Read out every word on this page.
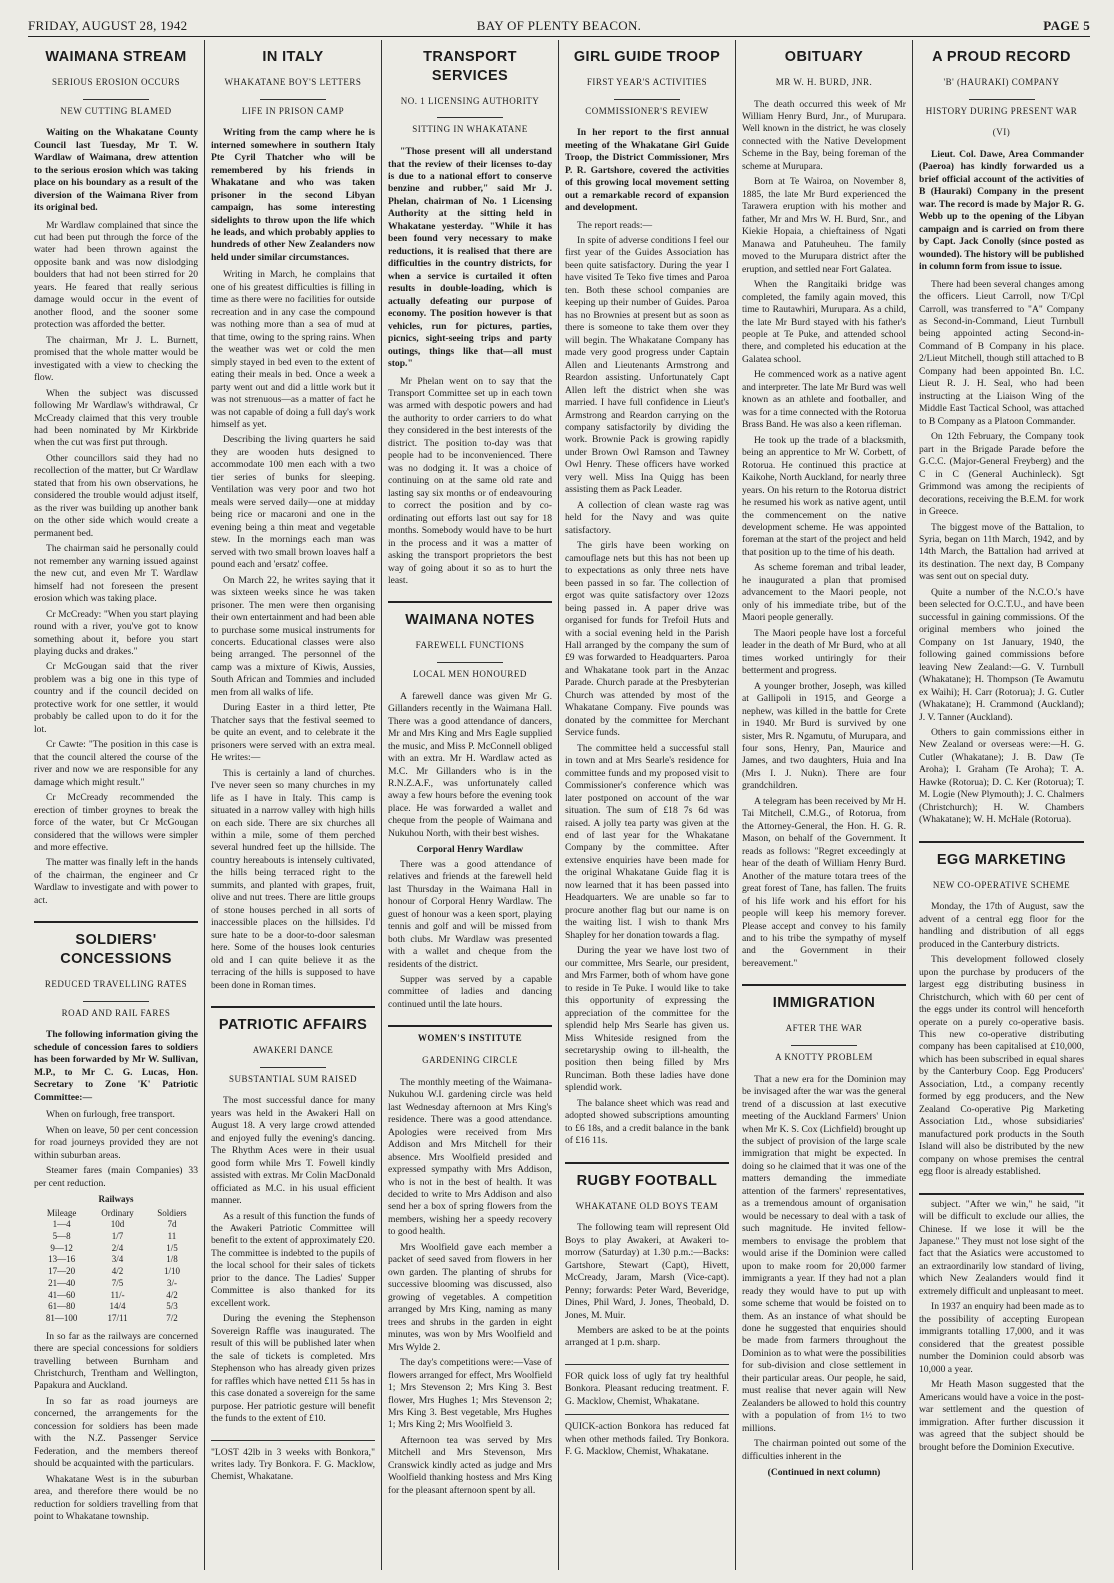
FRIDAY, AUGUST 28, 1942	BAY OF PLENTY BEACON.	PAGE 5
WAIMANA STREAM
SERIOUS EROSION OCCURS
NEW CUTTING BLAMED

Waiting on the Whakatane County Council last Tuesday, Mr T. W. Wardlaw of Waimana, drew attention to the serious erosion which was taking place on his boundary as a result of the diversion of the Waimana River from its original bed.

Mr Wardlaw complained that since the cut had been put through the force of the water had been thrown against the opposite bank and was now dislodging boulders that had not been stirred for 20 years. He feared that really serious damage would occur in the event of another flood, and the sooner some protection was afforded the better.

The chairman, Mr J. L. Burnett, promised that the whole matter would be investigated with a view to checking the flow.

When the subject was discussed following Mr Wardlaw's withdrawal, Cr McCready claimed that this very trouble had been nominated by Mr Kirkbride when the cut was first put through.

Other councillors said they had no recollection of the matter, but Cr Wardlaw stated that from his own observations, he considered the trouble would adjust itself, as the river was building up another bank on the other side which would create a permanent bed.

The chairman said he personally could not remember any warning issued against the new cut, and even Mr T. Wardlaw himself had not foreseen the present erosion which was taking place.

Cr McCready: "When you start playing round with a river, you've got to know something about it, before you start playing ducks and drakes."

Cr McGougan said that the river problem was a big one in this type of country and if the council decided on protective work for one settler, it would probably be called upon to do it for the lot.

Cr Cawte: "The position in this case is that the council altered the course of the river and now we are responsible for any damage which might result."

Cr McCready recommended the erection of timber groynes to break the force of the water, but Cr McGougan considered that the willows were simpler and more effective.

The matter was finally left in the hands of the chairman, the engineer and Cr Wardlaw to investigate and with power to act.

SOLDIERS' CONCESSIONS
REDUCED TRAVELLING RATES
ROAD AND RAIL FARES

The following information giving the schedule of concession fares to soldiers has been forwarded by Mr W. Sullivan, M.P., to Mr C. G. Lucas, Hon. Secretary to Zone 'K' Patriotic Committee:—

When on furlough, free transport.

When on leave, 50 per cent concession for road journeys provided they are not within suburban areas.

Steamer fares (main Companies) 33 per cent reduction.

Railways
Mileage	Ordinary	Soldiers
1—4	10d	7d
5—8	1/7	11
9—12	2/4	1/5
13—16	3/4	1/8
17—20	4/2	1/10
21—40	7/5	3/-
41—60	11/-	4/2
61—80	14/4	5/3
81—100	17/11	7/2

In so far as the railways are concerned there are special concessions for soldiers travelling between Burnham and Christchurch, Trentham and Wellington, Papakura and Auckland.

In so far as road journeys are concerned, the arrangements for the concession for soldiers has been made with the N.Z. Passenger Service Federation, and the members thereof should be acquainted with the particulars.

Whakatane West is in the suburban area, and therefore there would be no reduction for soldiers travelling from that point to Whakatane township.

IN ITALY
WHAKATANE BOY'S LETTERS
LIFE IN PRISON CAMP

Writing from the camp where he is interned somewhere in southern Italy Pte Cyril Thatcher who will be remembered by his friends in Whakatane and who was taken prisoner in the second Libyan campaign, has some interesting sidelights to throw upon the life which he leads, and which probably applies to hundreds of other New Zealanders now held under similar circumstances.

Writing in March, he complains that one of his greatest difficulties is filling in time as there were no facilities for outside recreation and in any case the compound was nothing more than a sea of mud at that time, owing to the spring rains. When the weather was wet or cold the men simply stayed in bed even to the extent of eating their meals in bed. Once a week a party went out and did a little work but it was not strenuous—as a matter of fact he was not capable of doing a full day's work himself as yet.

Describing the living quarters he said they are wooden huts designed to accommodate 100 men each with a two tier series of bunks for sleeping. Ventilation was very poor and two hot meals were served daily—one at midday being rice or macaroni and one in the evening being a thin meat and vegetable stew. In the mornings each man was served with two small brown loaves half a pound each and 'ersatz' coffee.

On March 22, he writes saying that it was sixteen weeks since he was taken prisoner. The men were then organising their own entertainment and had been able to purchase some musical instruments for concerts. Educational classes were also being arranged. The personnel of the camp was a mixture of Kiwis, Aussies, South African and Tommies and included men from all walks of life.

During Easter in a third letter, Pte Thatcher says that the festival seemed to be quite an event, and to celebrate it the prisoners were served with an extra meal. He writes:—

This is certainly a land of churches. I've never seen so many churches in my life as I have in Italy. This camp is situated in a narrow valley with high hills on each side. There are six churches all within a mile, some of them perched several hundred feet up the hillside. The country hereabouts is intensely cultivated, the hills being terraced right to the summits, and planted with grapes, fruit, olive and nut trees. There are little groups of stone houses perched in all sorts of inaccessible places on the hillsides. I'd sure hate to be a door-to-door salesman here. Some of the houses look centuries old and I can quite believe it as the terracing of the hills is supposed to have been done in Roman times.

PATRIOTIC AFFAIRS
AWAKERI DANCE
SUBSTANTIAL SUM RAISED

The most successful dance for many years was held in the Awakeri Hall on August 18. A very large crowd attended and enjoyed fully the evening's dancing. The Rhythm Aces were in their usual good form while Mrs T. Fowell kindly assisted with extras. Mr Colin MacDonald officiated as M.C. in his usual efficient manner.

As a result of this function the funds of the Awakeri Patriotic Committee will benefit to the extent of approximately £20. The committee is indebted to the pupils of the local school for their sales of tickets prior to the dance. The Ladies' Supper Committee is also thanked for its excellent work.

During the evening the Stephenson Sovereign Raffle was inaugurated. The result of this will be published later when the sale of tickets is completed. Mrs Stephenson who has already given prizes for raffles which have netted £11 5s has in this case donated a sovereign for the same purpose. Her patriotic gesture will benefit the funds to the extent of £10.

"LOST 42lb in 3 weeks with Bonkora," writes lady. Try Bonkora. F. G. Macklow, Chemist, Whakatane.
TRANSPORT SERVICES
NO. 1 LICENSING AUTHORITY
SITTING IN WHAKATANE

"Those present will all understand that the review of their licenses to-day is due to a national effort to conserve benzine and rubber," said Mr J. Phelan, chairman of No. 1 Licensing Authority at the sitting held in Whakatane yesterday. "While it has been found very necessary to make reductions, it is realised that there are difficulties in the country districts, for when a service is curtailed it often results in double-loading, which is actually defeating our purpose of economy. The position however is that vehicles, run for pictures, parties, picnics, sight-seeing trips and party outings, things like that—all must stop."

Mr Phelan went on to say that the Transport Committee set up in each town was armed with despotic powers and had the authority to order carriers to do what they considered in the best interests of the district. The position to-day was that people had to be inconvenienced. There was no dodging it. It was a choice of continuing on at the same old rate and lasting say six months or of endeavouring to correct the position and by co-ordinating out efforts last out say for 18 months. Somebody would have to be hurt in the process and it was a matter of asking the transport proprietors the best way of going about it so as to hurt the least.

WAIMANA NOTES
FAREWELL FUNCTIONS
LOCAL MEN HONOURED

A farewell dance was given Mr G. Gillanders recently in the Waimana Hall. There was a good attendance of dancers, Mr and Mrs King and Mrs Eagle supplied the music, and Miss P. McConnell obliged with an extra. Mr H. Wardlaw acted as M.C. Mr Gillanders who is in the R.N.Z.A.F., was unfortunately called away a few hours before the evening took place. He was forwarded a wallet and cheque from the people of Waimana and Nukuhou North, with their best wishes.

Corporal Henry Wardlaw

There was a good attendance of relatives and friends at the farewell held last Thursday in the Waimana Hall in honour of Corporal Henry Wardlaw. The guest of honour was a keen sport, playing tennis and golf and will be missed from both clubs. Mr Wardlaw was presented with a wallet and cheque from the residents of the district.

Supper was served by a capable committee of ladies and dancing continued until the late hours.

WOMEN'S INSTITUTE
GARDENING CIRCLE

The monthly meeting of the Waimana-Nukuhou W.I. gardening circle was held last Wednesday afternoon at Mrs King's residence. There was a good attendance. Apologies were received from Mrs Addison and Mrs Mitchell for their absence. Mrs Woolfield presided and expressed sympathy with Mrs Addison, who is not in the best of health. It was decided to write to Mrs Addison and also send her a box of spring flowers from the members, wishing her a speedy recovery to good health.

Mrs Woolfield gave each member a packet of seed saved from flowers in her own garden. The planting of shrubs for successive blooming was discussed, also growing of vegetables. A competition arranged by Mrs King, naming as many trees and shrubs in the garden in eight minutes, was won by Mrs Woolfield and Mrs Wylde 2.

The day's competitions were:—Vase of flowers arranged for effect, Mrs Woolfield 1; Mrs Stevenson 2; Mrs King 3. Best flower, Mrs Hughes 1; Mrs Stevenson 2; Mrs King 3. Best vegetable, Mrs Hughes 1; Mrs King 2; Mrs Woolfield 3.

Afternoon tea was served by Mrs Mitchell and Mrs Stevenson, Mrs Cranswick kindly acted as judge and Mrs Woolfield thanking hostess and Mrs King for the pleasant afternoon spent by all.

GIRL GUIDE TROOP
FIRST YEAR'S ACTIVITIES
COMMISSIONER'S REVIEW

In her report to the first annual meeting of the Whakatane Girl Guide Troop, the District Commissioner, Mrs P. R. Gartshore, covered the activities of this growing local movement setting out a remarkable record of expansion and development.

The report reads:—

In spite of adverse conditions I feel our first year of the Guides Association has been quite satisfactory. During the year I have visited Te Teko five times and Paroa ten. Both these school companies are keeping up their number of Guides. Paroa has no Brownies at present but as soon as there is someone to take them over they will begin. The Whakatane Company has made very good progress under Captain Allen and Lieutenants Armstrong and Reardon assisting. Unfortunately Capt Allen left the district when she was married. I have full confidence in Lieut's Armstrong and Reardon carrying on the company satisfactorily by dividing the work. Brownie Pack is growing rapidly under Brown Owl Ramson and Tawney Owl Henry. These officers have worked very well. Miss Ina Quigg has been assisting them as Pack Leader.

A collection of clean waste rag was held for the Navy and was quite satisfactory.

The girls have been working on camouflage nets but this has not been up to expectations as only three nets have been passed in so far. The collection of ergot was quite satisfactory over 12ozs being passed in. A paper drive was organised for funds for Trefoil Huts and with a social evening held in the Parish Hall arranged by the company the sum of £9 was forwarded to Headquarters. Paroa and Whakatane took part in the Anzac Parade. Church parade at the Presbyterian Church was attended by most of the Whakatane Company. Five pounds was donated by the committee for Merchant Service funds.

The committee held a successful stall in town and at Mrs Searle's residence for committee funds and my proposed visit to Commissioner's conference which was later postponed on account of the war situation. The sum of £18 7s 6d was raised. A jolly tea party was given at the end of last year for the Whakatane Company by the committee. After extensive enquiries have been made for the original Whakatane Guide flag it is now learned that it has been passed into Headquarters. We are unable so far to procure another flag but our name is on the waiting list. I wish to thank Mrs Shapley for her donation towards a flag.

During the year we have lost two of our committee, Mrs Searle, our president, and Mrs Farmer, both of whom have gone to reside in Te Puke. I would like to take this opportunity of expressing the appreciation of the committee for the splendid help Mrs Searle has given us. Miss Whiteside resigned from the secretaryship owing to ill-health, the position then being filled by Mrs Runciman. Both these ladies have done splendid work.

The balance sheet which was read and adopted showed subscriptions amounting to £6 18s, and a credit balance in the bank of £16 11s.

RUGBY FOOTBALL
WHAKATANE OLD BOYS TEAM

The following team will represent Old Boys to play Awakeri, at Awakeri to-morrow (Saturday) at 1.30 p.m.:—Backs: Gartshore, Stewart (Capt), Hivett, McCready, Jaram, Marsh (Vice-capt). Penny; forwards: Peter Ward, Beveridge, Dines, Phil Ward, J. Jones, Theobald, D. Jones, M. Muir.

Members are asked to be at the points arranged at 1 p.m. sharp.

FOR quick loss of ugly fat try healthful Bonkora. Pleasant reducing treatment. F. G. Macklow, Chemist, Whakatane.
QUICK-action Bonkora has reduced fat when other methods failed. Try Bonkora. F. G. Macklow, Chemist, Whakatane.
OBITUARY
MR W. H. BURD, JNR.

The death occurred this week of Mr William Henry Burd, Jnr., of Murupara. Well known in the district, he was closely connected with the Native Development Scheme in the Bay, being foreman of the scheme at Murupara.

Born at Te Wairoa, on November 8, 1885, the late Mr Burd experienced the Tarawera eruption with his mother and father, Mr and Mrs W. H. Burd, Snr., and Kiekie Hopaia, a chieftainess of Ngati Manawa and Patuheuheu. The family moved to the Murupara district after the eruption, and settled near Fort Galatea.

When the Rangitaiki bridge was completed, the family again moved, this time to Rautawhiri, Murupara. As a child, the late Mr Burd stayed with his father's people at Te Puke, and attended school there, and completed his education at the Galatea school.

He commenced work as a native agent and interpreter. The late Mr Burd was well known as an athlete and footballer, and was for a time connected with the Rotorua Brass Band. He was also a keen rifleman.

He took up the trade of a blacksmith, being an apprentice to Mr W. Corbett, of Rotorua. He continued this practice at Kaikohe, North Auckland, for nearly three years. On his return to the Rotorua district he resumed his work as native agent, until the commencement on the native development scheme. He was appointed foreman at the start of the project and held that position up to the time of his death.

As scheme foreman and tribal leader, he inaugurated a plan that promised advancement to the Maori people, not only of his immediate tribe, but of the Maori people generally.

The Maori people have lost a forceful leader in the death of Mr Burd, who at all times worked untiringly for their betterment and progress.

A younger brother, Joseph, was killed at Gallipoli in 1915, and George a nephew, was killed in the battle for Crete in 1940. Mr Burd is survived by one sister, Mrs R. Ngamutu, of Murupara, and four sons, Henry, Pan, Maurice and James, and two daughters, Huia and Ina (Mrs I. J. Nukn). There are four grandchildren.

A telegram has been received by Mr H. Tai Mitchell, C.M.G., of Rotorua, from the Attorney-General, the Hon. H. G. R. Mason, on behalf of the Government. It reads as follows: "Regret exceedingly at hear of the death of William Henry Burd. Another of the mature totara trees of the great forest of Tane, has fallen. The fruits of his life work and his effort for his people will keep his memory forever. Please accept and convey to his family and to his tribe the sympathy of myself and the Government in their bereavement."

IMMIGRATION
AFTER THE WAR
A KNOTTY PROBLEM

That a new era for the Dominion may be invisaged after the war was the general trend of a discussion at last executive meeting of the Auckland Farmers' Union when Mr K. S. Cox (Lichfield) brought up the subject of provision of the large scale immigration that might be expected. In doing so he claimed that it was one of the matters demanding the immediate attention of the farmers' representatives, as a tremendous amount of organisation would be necessary to deal with a task of such magnitude. He invited fellow-members to envisage the problem that would arise if the Dominion were called upon to make room for 20,000 farmer immigrants a year. If they had not a plan ready they would have to put up with some scheme that would be foisted on to them. As an instance of what should be done he suggested that enquiries should be made from farmers throughout the Dominion as to what were the possibilities for sub-division and close settlement in their particular areas. Our people, he said, must realise that never again will New Zealanders be allowed to hold this country with a population of from 1½ to two millions.

The chairman pointed out some of the difficulties inherent in the

(Continued in next column)
A PROUD RECORD
'B' (HAURAKI) COMPANY
HISTORY DURING PRESENT WAR
(VI)

Lieut. Col. Dawe, Area Commander (Paeroa) has kindly forwarded us a brief official account of the activities of B (Hauraki) Company in the present war. The record is made by Major R. G. Webb up to the opening of the Libyan campaign and is carried on from there by Capt. Jack Conolly (since posted as wounded). The history will be published in column form from issue to issue.

There had been several changes among the officers. Lieut Carroll, now T/Cpl Carroll, was transferred to "A" Company as Second-in-Command, Lieut Turnbull being appointed acting Second-in-Command of B Company in his place. 2/Lieut Mitchell, though still attached to B Company had been appointed Bn. I.C. Lieut R. J. H. Seal, who had been instructing at the Liaison Wing of the Middle East Tactical School, was attached to B Company as a Platoon Commander.

On 12th February, the Company took part in the Brigade Parade before the G.C.C. (Major-General Freyberg) and the C in C (General Auchinleck). Sgt Grimmond was among the recipients of decorations, receiving the B.E.M. for work in Greece.

The biggest move of the Battalion, to Syria, began on 11th March, 1942, and by 14th March, the Battalion had arrived at its destination. The next day, B Company was sent out on special duty.

Quite a number of the N.C.O.'s have been selected for O.C.T.U., and have been successful in gaining commissions. Of the original members who joined the Company on 1st January, 1940, the following gained commissions before leaving New Zealand:—G. V. Turnbull (Whakatane); H. Thompson (Te Awamutu ex Waihi); H. Carr (Rotorua); J. G. Cutler (Whakatane); H. Crammond (Auckland); J. V. Tanner (Auckland).

Others to gain commissions either in New Zealand or overseas were:—H. G. Cutler (Whakatane); J. B. Daw (Te Aroha); I. Graham (Te Aroha); T. A. Hawke (Rotorua); D. C. Ker (Rotorua); T. M. Logie (New Plymouth); J. C. Chalmers (Christchurch); H. W. Chambers (Whakatane); W. H. McHale (Rotorua).

EGG MARKETING
NEW CO-OPERATIVE SCHEME

Monday, the 17th of August, saw the advent of a central egg floor for the handling and distribution of all eggs produced in the Canterbury districts.

This development followed closely upon the purchase by producers of the largest egg distributing business in Christchurch, which with 60 per cent of the eggs under its control will henceforth operate on a purely co-operative basis. This new co-operative distributing company has been capitalised at £10,000, which has been subscribed in equal shares by the Canterbury Coop. Egg Producers' Association, Ltd., a company recently formed by egg producers, and the New Zealand Co-operative Pig Marketing Association Ltd., whose subsidiaries' manufactured pork products in the South Island will also be distributed by the new company on whose premises the central egg floor is already established.

subject. "After we win," he said, "it will be difficult to exclude our allies, the Chinese. If we lose it will be the Japanese." They must not lose sight of the fact that the Asiatics were accustomed to an extraordinarily low standard of living, which New Zealanders would find it extremely difficult and unpleasant to meet.

In 1937 an enquiry had been made as to the possibility of accepting European immigrants totalling 17,000, and it was considered that the greatest possible number the Dominion could absorb was 10,000 a year.

Mr Heath Mason suggested that the Americans would have a voice in the post-war settlement and the question of immigration. After further discussion it was agreed that the subject should be brought before the Dominion Executive.
